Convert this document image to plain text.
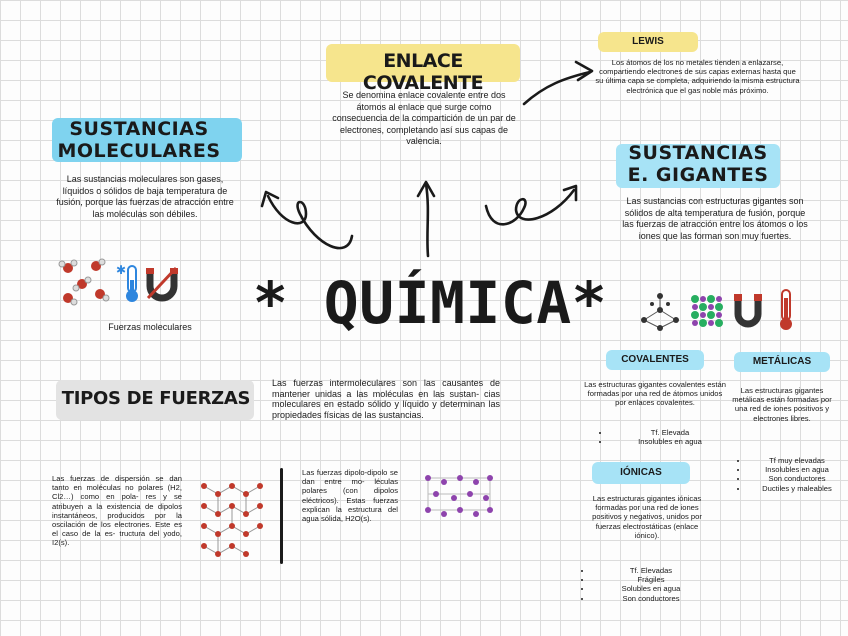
* QUÍMICA*
ENLACE COVALENTE
Se denomina enlace covalente entre dos átomos al enlace que surge como consecuencia de la compartición de un par de electrones, completando así sus capas de valencia.
LEWIS
Los átomos de los no metales tienden a enlazarse, compartiendo electrones de sus capas externas hasta que su última capa se completa, adquiriendo la misma estructura electrónica que el gas noble más próximo.
SUSTANCIAS
MOLECULARES
Las sustancias moleculares son gases, líquidos o sólidos de baja temperatura de fusión, porque las fuerzas de atracción entre las moléculas son débiles.
✱
Fuerzas moleculares
SUSTANCIAS
E. GIGANTES
Las sustancias con estructuras gigantes son sólidos de alta temperatura de fusión, porque las fuerzas de atracción entre los átomos o los iones que las forman son muy fuertes.
TIPOS DE FUERZAS
Las fuerzas intermoleculares son las causantes de mantener unidas a las moléculas en las sustan- cias moleculares en estado sólido y líquido y determinan las propiedades físicas de las sustancias.
Las fuerzas de dispersión se dan tanto en moléculas no polares (H2, Cl2…) como en pola- res y se atribuyen a la existencia de dipolos instantáneos, producidos por la oscilación de los electrones. Este es el caso de la es- tructura del yodo, I2(s).
Las fuerzas dipolo-dipolo se dan entre mo- léculas polares (con dipolos eléctricos). Estas fuerzas explican la estructura del agua sólida, H2O(s).
COVALENTES
Las estructuras gigantes covalentes están formadas por una red de átomos unidos por enlaces covalentes.
• Tf. Elevada
• Insolubles en agua
METÁLICAS
Las estructuras gigantes metálicas están formadas por una red de iones positivos y electrones libres.
• Tf muy elevadas
• Insolubles en agua
• Son conductores
• Ductiles y maleables
IÓNICAS
Las estructuras gigantes iónicas formadas por una red de iones positivos y negativos, unidos por fuerzas electrostáticas (enlace iónico).
• Tf. Elevadas
• Frágiles
• Solubles en agua
• Son conductores
